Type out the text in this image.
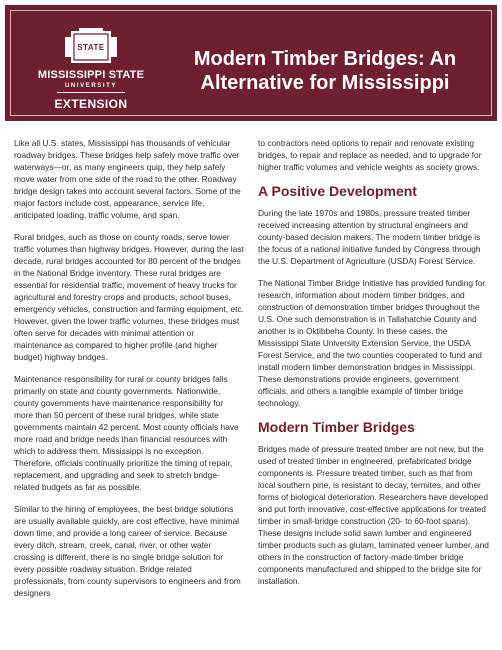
STATE
MISSISSIPPI STATE
UNIVERSITY
EXTENSION
Modern Timber Bridges: An Alternative for Mississippi

Like all U.S. states, Mississippi has thousands of vehicular roadway bridges. These bridges help safely move traffic over waterways—or, as many engineers quip, they help safely move water from one side of the road to the other. Roadway bridge design takes into account several factors. Some of the major factors include cost, appearance, service life, anticipated loading, traffic volume, and span.

Rural bridges, such as those on county roads, serve lower traffic volumes than highway bridges. However, during the last decade, rural bridges accounted for 80 percent of the bridges in the National Bridge inventory. These rural bridges are essential for residential traffic, movement of heavy trucks for agricultural and forestry crops and products, school buses, emergency vehicles, construction and farming equipment, etc. However, given the lower traffic volumes, these bridges must often serve for decades with minimal attention or maintenance as compared to higher profile (and higher budget) highway bridges.

Maintenance responsibility for rural or county bridges falls primarily on state and county governments. Nationwide, county governments have maintenance responsibility for more than 50 percent of these rural bridges, while state governments maintain 42 percent. Most county officials have more road and bridge needs than financial resources with which to address them. Mississippi is no exception. Therefore, officials continually prioritize the timing of repair, replacement, and upgrading and seek to stretch bridge-related budgets as far as possible.

Similar to the hiring of employees, the best bridge solutions are usually available quickly, are cost effective, have minimal down time, and provide a long career of service. Because every ditch, stream, creek, canal, river, or other water crossing is different, there is no single bridge solution for every possible roadway situation. Bridge related professionals, from county supervisors to engineers and from designers

to contractors need options to repair and renovate existing bridges, to repair and replace as needed, and to upgrade for higher traffic volumes and vehicle weights as society grows.

A Positive Development

During the late 1970s and 1980s, pressure treated timber received increasing attention by structural engineers and county-based decision makers. The modern timber bridge is the focus of a national initiative funded by Congress through the U.S. Department of Agriculture (USDA) Forest Service.

The National Timber Bridge Initiative has provided funding for research, information about modern timber bridges, and construction of demonstration timber bridges throughout the U.S. One such demonstration is in Tallahatchie County and another is in Oktibbeha County. In these cases, the Mississippi State University Extension Service, the USDA Forest Service, and the two counties cooperated to fund and install modern timber demonstration bridges in Mississippi. These demonstrations provide engineers, government officials, and others a tangible example of timber bridge technology.

Modern Timber Bridges

Bridges made of pressure treated timber are not new, but the used of treated timber in engineered, prefabricated bridge components is. Pressure treated timber, such as that from local southern pine, is resistant to decay, termites, and other forms of biological deterioration. Researchers have developed and put forth innovative, cost-effective applications for treated timber in small-bridge construction (20- to 60-foot spans). These designs include solid sawn lumber and engineered timber products such as glulam, laminated veneer lumber, and others in the construction of factory-made timber bridge components manufactured and shipped to the bridge site for installation.
